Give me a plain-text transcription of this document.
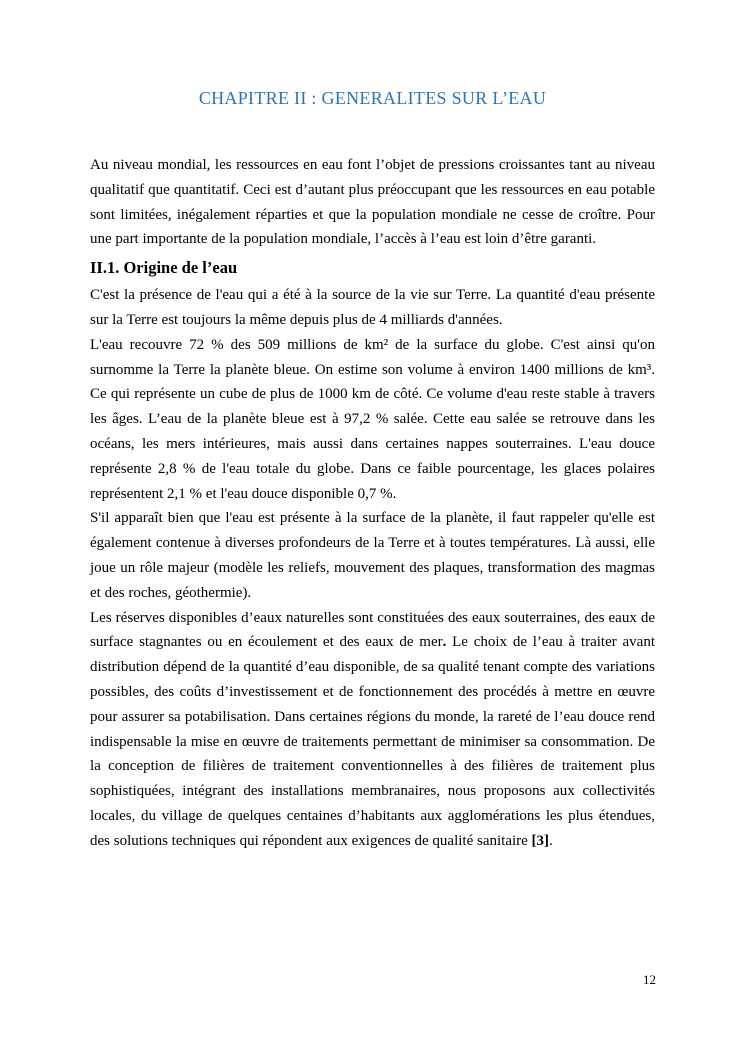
CHAPITRE II : GENERALITES SUR L’EAU

Au niveau mondial, les ressources en eau font l’objet de pressions croissantes tant au niveau qualitatif que quantitatif. Ceci est d’autant plus préoccupant que les ressources en eau potable sont limitées, inégalement réparties et que la population mondiale ne cesse de croître. Pour une part importante de la population mondiale, l’accès à l’eau est loin d’être garanti.

II.1. Origine de l’eau

C'est la présence de l'eau qui a été à la source de la vie sur Terre. La quantité d'eau présente sur la Terre est toujours la même depuis plus de 4 milliards d'années.

L'eau recouvre 72 % des 509 millions de km² de la surface du globe. C'est ainsi qu'on surnomme la Terre la planète bleue. On estime son volume à environ 1400 millions de km³. Ce qui représente un cube de plus de 1000 km de côté. Ce volume d'eau reste stable à travers les âges. L’eau de la planète bleue est à 97,2 % salée. Cette eau salée se retrouve dans les océans, les mers intérieures, mais aussi dans certaines nappes souterraines. L'eau douce représente 2,8 % de l'eau totale du globe. Dans ce faible pourcentage, les glaces polaires représentent 2,1 % et l'eau douce disponible 0,7 %.

S'il apparaît bien que l'eau est présente à la surface de la planète, il faut rappeler qu'elle est également contenue à diverses profondeurs de la Terre et à toutes températures. Là aussi, elle joue un rôle majeur (modèle les reliefs, mouvement des plaques, transformation des magmas et des roches, géothermie).

Les réserves disponibles d’eaux naturelles sont constituées des eaux souterraines, des eaux de surface stagnantes ou en écoulement et des eaux de mer. Le choix de l’eau à traiter avant distribution dépend de la quantité d’eau disponible, de sa qualité tenant compte des variations possibles, des coûts d’investissement et de fonctionnement des procédés à mettre en œuvre pour assurer sa potabilisation. Dans certaines régions du monde, la rareté de l’eau douce rend indispensable la mise en œuvre de traitements permettant de minimiser sa consommation. De la conception de filières de traitement conventionnelles à des filières de traitement plus sophistiquées, intégrant des installations membranaires, nous proposons aux collectivités locales, du village de quelques centaines d’habitants aux agglomérations les plus étendues, des solutions techniques qui répondent aux exigences de qualité sanitaire [3].

12
